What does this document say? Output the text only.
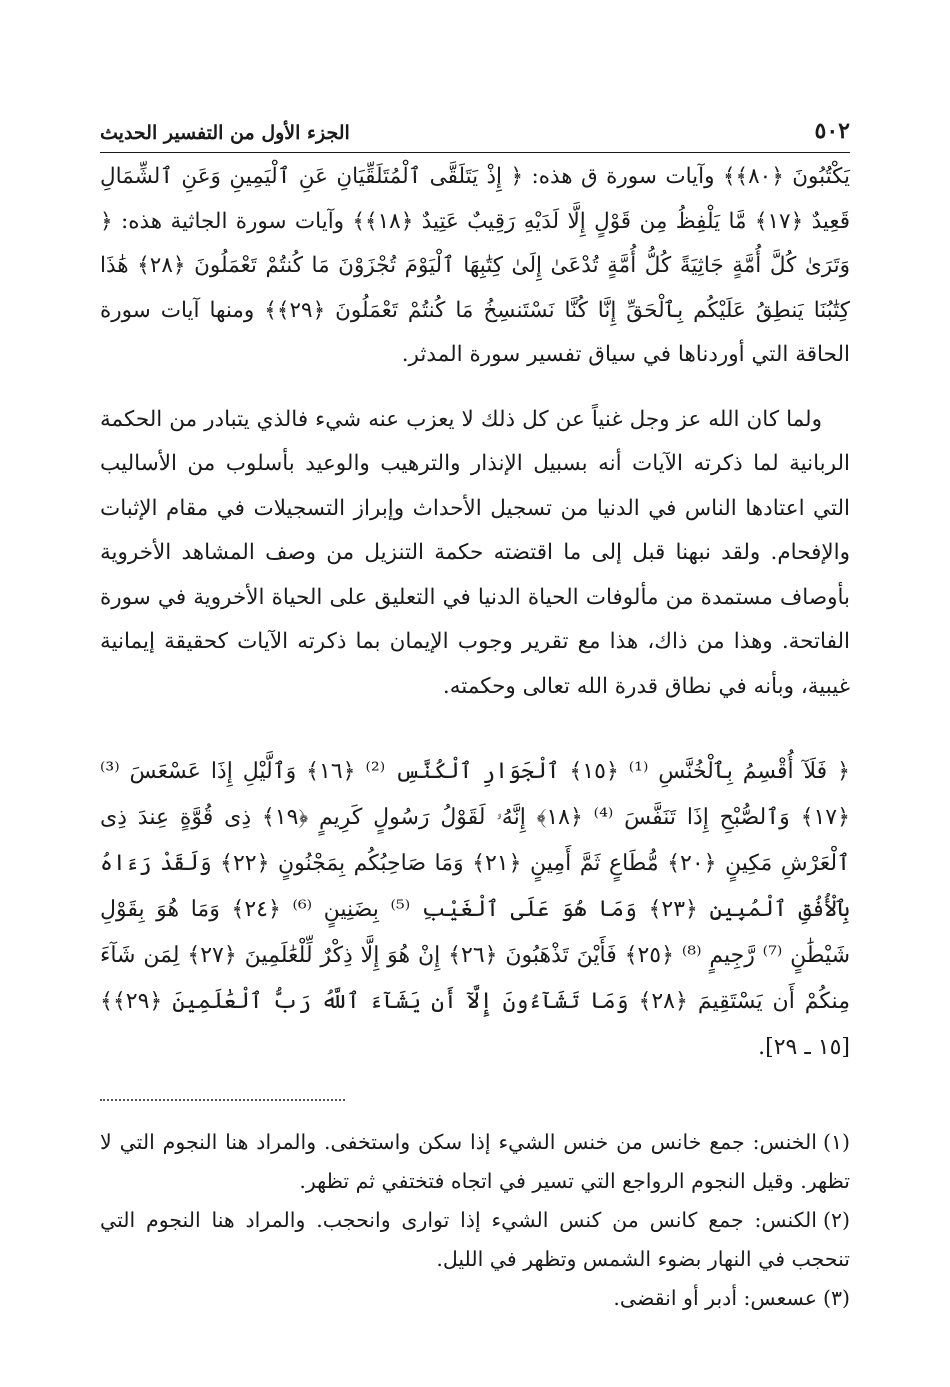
٥٠٢
الجزء الأول من التفسير الحديث

يَكْتُبُونَ ﴿٨٠﴾﴾ وآيات سورة ق هذه: ﴿ إِذْ يَتَلَقَّى ٱلْمُتَلَقِّيَانِ عَنِ ٱلْيَمِينِ وَعَنِ ٱلشِّمَالِ قَعِيدٌ ﴿١٧﴾ مَّا يَلْفِظُ مِن قَوْلٍ إِلَّا لَدَيْهِ رَقِيبٌ عَتِيدٌ ﴿١٨﴾﴾ وآيات سورة الجاثية هذه: ﴿ وَتَرَىٰ كُلَّ أُمَّةٍ جَاثِيَةً كُلُّ أُمَّةٍ تُدْعَىٰ إِلَىٰ كِتَٰبِهَا ٱلْيَوْمَ تُجْزَوْنَ مَا كُنتُمْ تَعْمَلُونَ ﴿٢٨﴾ هَٰذَا كِتَٰبُنَا يَنطِقُ عَلَيْكُم بِٱلْحَقِّ إِنَّا كُنَّا نَسْتَنسِخُ مَا كُنتُمْ تَعْمَلُونَ ﴿٢٩﴾﴾ ومنها آيات سورة الحاقة التي أوردناها في سياق تفسير سورة المدثر.

ولما كان الله عز وجل غنياً عن كل ذلك لا يعزب عنه شيء فالذي يتبادر من الحكمة الربانية لما ذكرته الآيات أنه بسبيل الإنذار والترهيب والوعيد بأسلوب من الأساليب التي اعتادها الناس في الدنيا من تسجيل الأحداث وإبراز التسجيلات في مقام الإثبات والإفحام. ولقد نبهنا قبل إلى ما اقتضته حكمة التنزيل من وصف المشاهد الأخروية بأوصاف مستمدة من مألوفات الحياة الدنيا في التعليق على الحياة الأخروية في سورة الفاتحة. وهذا من ذاك، هذا مع تقرير وجوب الإيمان بما ذكرته الآيات كحقيقة إيمانية غيبية، وبأنه في نطاق قدرة الله تعالى وحكمته.

﴿ فَلَآ أُقْسِمُ بِٱلْخُنَّسِ ⁽¹⁾ ﴿١٥﴾ ٱلْجَوَارِ ٱلْكُنَّسِ ⁽²⁾ ﴿١٦﴾ وَٱلَّيْلِ إِذَا عَسْعَسَ ⁽³⁾ ﴿١٧﴾ وَٱلصُّبْحِ إِذَا تَنَفَّسَ ⁽⁴⁾ ﴿١٨﴾ إِنَّهُۥ لَقَوْلُ رَسُولٍ كَرِيمٍ ﴿١٩﴾ ذِى قُوَّةٍ عِندَ ذِى ٱلْعَرْشِ مَكِينٍ ﴿٢٠﴾ مُّطَاعٍ ثَمَّ أَمِينٍ ﴿٢١﴾ وَمَا صَاحِبُكُم بِمَجْنُونٍ ﴿٢٢﴾ وَلَقَدْ رَءَاهُ بِٱلْأُفُقِ ٱلْمُبِينِ ﴿٢٣﴾ وَمَا هُوَ عَلَى ٱلْغَيْبِ ⁽⁵⁾ بِضَنِينٍ ⁽⁶⁾ ﴿٢٤﴾ وَمَا هُوَ بِقَوْلِ شَيْطَٰنٍ ⁽⁷⁾ رَّجِيمٍ ⁽⁸⁾ ﴿٢٥﴾ فَأَيْنَ تَذْهَبُونَ ﴿٢٦﴾ إِنْ هُوَ إِلَّا ذِكْرٌ لِّلْعَٰلَمِينَ ﴿٢٧﴾ لِمَن شَآءَ مِنكُمْ أَن يَسْتَقِيمَ ﴿٢٨﴾ وَمَا تَشَآءُونَ إِلَّآ أَن يَشَآءَ ٱللَّهُ رَبُّ ٱلْعَٰلَمِينَ ﴿٢٩﴾﴾ [١٥ ـ ٢٩].

(١)الخنس: جمع خانس من خنس الشيء إذا سكن واستخفى. والمراد هنا النجوم التي لا تظهر. وقيل النجوم الرواجع التي تسير في اتجاه فتختفي ثم تظهر.

(٢)الكنس: جمع كانس من كنس الشيء إذا توارى وانحجب. والمراد هنا النجوم التي تنحجب في النهار بضوء الشمس وتظهر في الليل.

(٣)عسعس: أدبر أو انقضى.
